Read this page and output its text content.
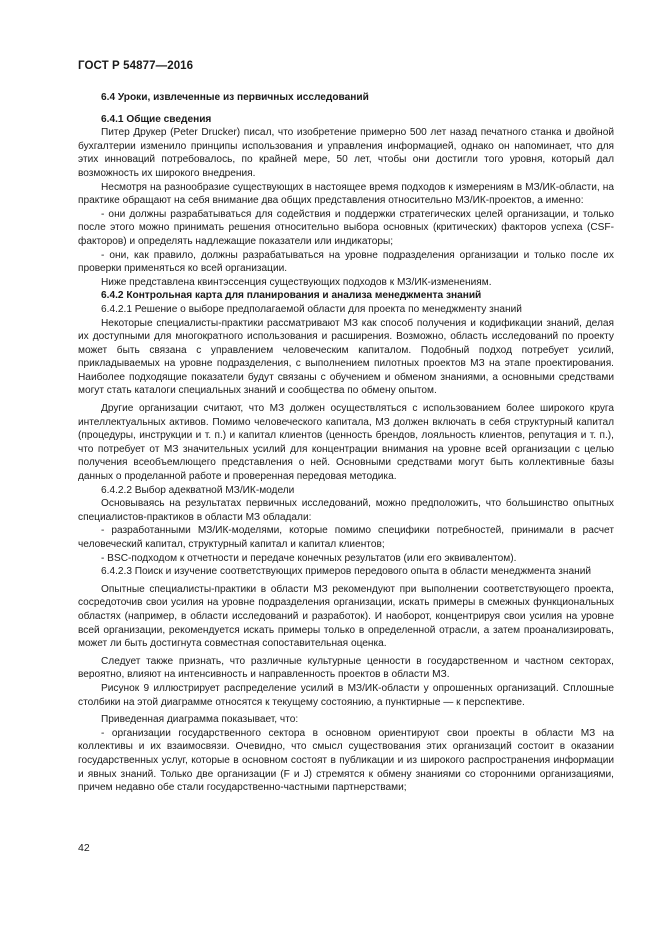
ГОСТ Р 54877—2016

6.4 Уроки, извлеченные из первичных исследований

6.4.1 Общие сведения

Питер Друкер (Peter Drucker) писал, что изобретение примерно 500 лет назад печатного станка и двойной бухгалтерии изменило принципы использования и управления информацией, однако он напоминает, что для этих инноваций потребовалось, по крайней мере, 50 лет, чтобы они достигли того уровня, который дал возможность их широкого внедрения.

Несмотря на разнообразие существующих в настоящее время подходов к измерениям в МЗ/ИК-области, на практике обращают на себя внимание два общих представления относительно МЗ/ИК-проектов, а именно:

- они должны разрабатываться для содействия и поддержки стратегических целей организации, и только после этого можно принимать решения относительно выбора основных (критических) факторов успеха (CSF-факторов) и определять надлежащие показатели или индикаторы;

- они, как правило, должны разрабатываться на уровне подразделения организации и только после их проверки применяться ко всей организации.

Ниже представлена квинтэссенция существующих подходов к МЗ/ИК-изменениям.

6.4.2 Контрольная карта для планирования и анализа менеджмента знаний

6.4.2.1 Решение о выборе предполагаемой области для проекта по менеджменту знаний

Некоторые специалисты-практики рассматривают МЗ как способ получения и кодификации знаний, делая их доступными для многократного использования и расширения. Возможно, область исследований по проекту может быть связана с управлением человеческим капиталом. Подобный подход потребует усилий, прикладываемых на уровне подразделения, с выполнением пилотных проектов МЗ на этапе проектирования. Наиболее подходящие показатели будут связаны с обучением и обменом знаниями, а основными средствами могут стать каталоги специальных знаний и сообщества по обмену опытом.

Другие организации считают, что МЗ должен осуществляться с использованием более широкого круга интеллектуальных активов. Помимо человеческого капитала, МЗ должен включать в себя структурный капитал (процедуры, инструкции и т. п.) и капитал клиентов (ценность брендов, лояльность клиентов, репутация и т. п.), что потребует от МЗ значительных усилий для концентрации внимания на уровне всей организации с целью получения всеобъемлющего представления о ней. Основными средствами могут быть коллективные базы данных о проделанной работе и проверенная передовая методика.

6.4.2.2 Выбор адекватной МЗ/ИК-модели

Основываясь на результатах первичных исследований, можно предположить, что большинство опытных специалистов-практиков в области МЗ обладали:

- разработанными МЗ/ИК-моделями, которые помимо специфики потребностей, принимали в расчет человеческий капитал, структурный капитал и капитал клиентов;

- BSC-подходом к отчетности и передаче конечных результатов (или его эквивалентом).

6.4.2.3 Поиск и изучение соответствующих примеров передового опыта в области менеджмента знаний

Опытные специалисты-практики в области МЗ рекомендуют при выполнении соответствующего проекта, сосредоточив свои усилия на уровне подразделения организации, искать примеры в смежных функциональных областях (например, в области исследований и разработок). И наоборот, концентрируя свои усилия на уровне всей организации, рекомендуется искать примеры только в определенной отрасли, а затем проанализировать, может ли быть достигнута совместная сопоставительная оценка.

Следует также признать, что различные культурные ценности в государственном и частном секторах, вероятно, влияют на интенсивность и направленность проектов в области МЗ.

Рисунок 9 иллюстрирует распределение усилий в МЗ/ИК-области у опрошенных организаций. Сплошные столбики на этой диаграмме относятся к текущему состоянию, а пунктирные — к перспективе.

Приведенная диаграмма показывает, что:

- организации государственного сектора в основном ориентируют свои проекты в области МЗ на коллективы и их взаимосвязи. Очевидно, что смысл существования этих организаций состоит в оказании государственных услуг, которые в основном состоят в публикации и из широкого распространения информации и явных знаний. Только две организации (F и J) стремятся к обмену знаниями со сторонними организациями, причем недавно обе стали государственно-частными партнерствами;

42
